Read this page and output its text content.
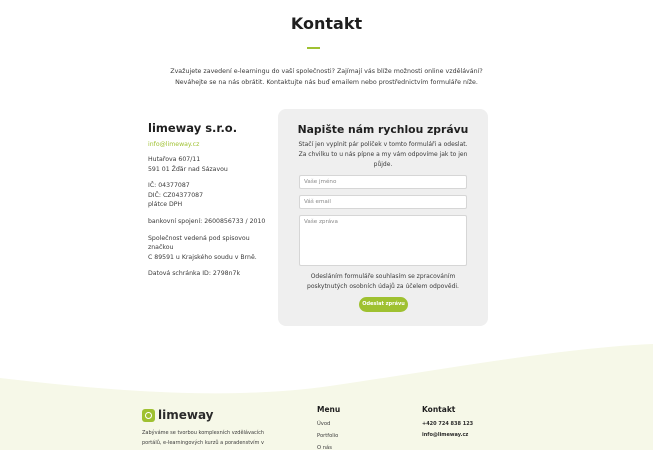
Kontakt
Zvažujete zavedení e-learningu do vaší společnosti? Zajímají vás blíže možnosti online vzdělávání?
Neváhejte se na nás obrátit. Kontaktujte nás buď emailem nebo prostřednictvím formuláře níže.
limeway s.r.o.
info@limeway.cz

Hutařova 607/11
591 01 Žďár nad Sázavou

IČ: 04377087
DIČ: CZ04377087
plátce DPH

bankovní spojení: 2600856733 / 2010

Společnost vedená pod spisovou značkou
C 89591 u Krajského soudu v Brně.

Datová schránka ID: 2798n7k

Napište nám rychlou zprávu
Stačí jen vyplnit pár políček v tomto formuláři a odeslat. Za chvilku to u nás pípne a my vám odpovíme jak to jen půjde.
Vaše jméno
Váš email
Vaše zpráva
Odesláním formuláře souhlasím se zpracováním poskytnutých osobních údajů za účelem odpovědi.
Odeslat zprávu
limeway
Zabýváme se tvorbou komplexních vzdělávacích portálů, e-learningových kurzů a poradenstvím v
Menu
Úvod
Portfolio
O nás
Kontakt
+420 724 838 123
info@limeway.cz
